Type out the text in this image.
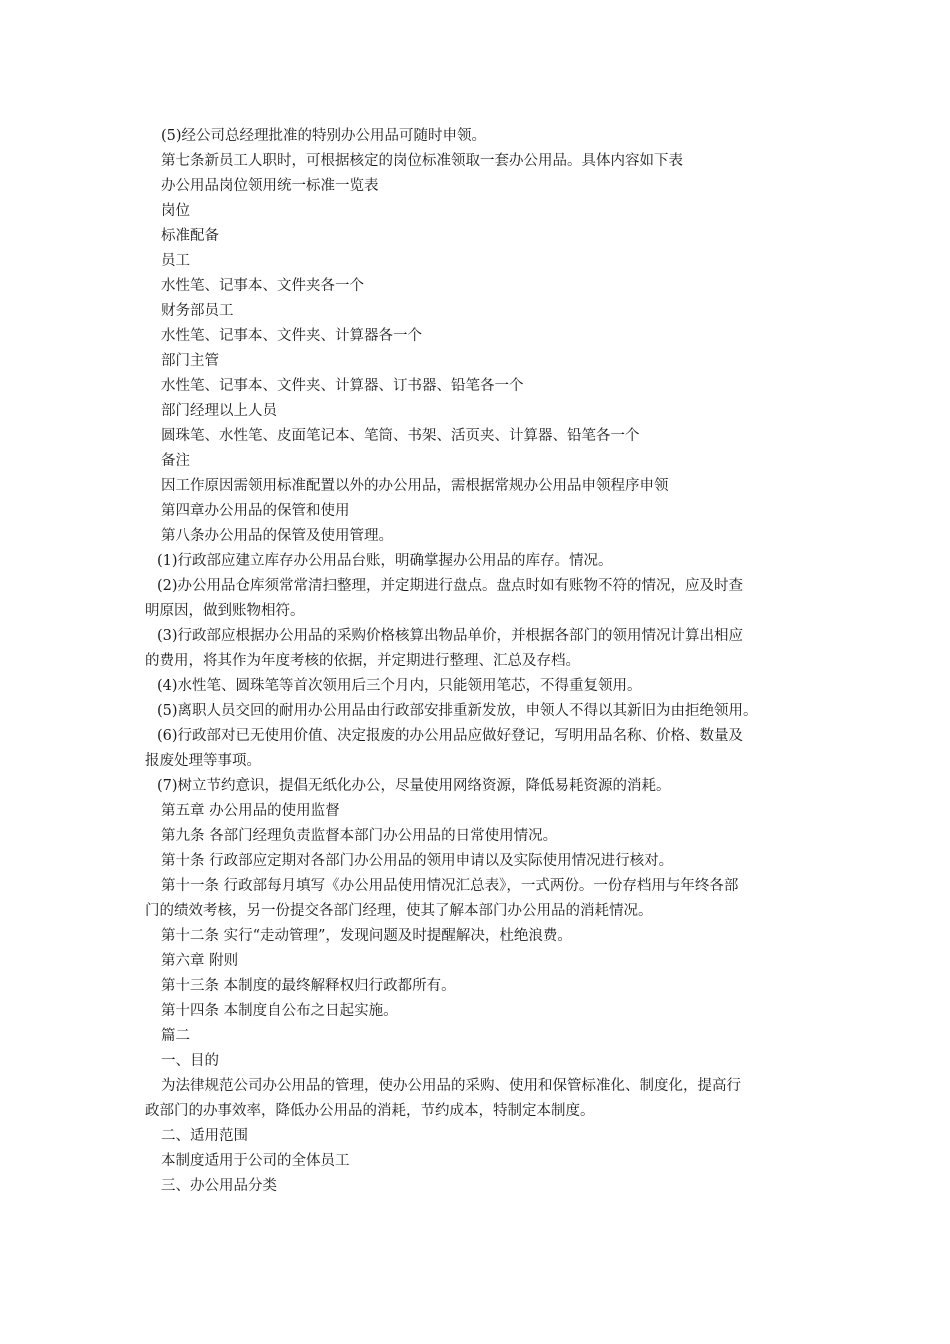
(5)经公司总经理批准的特别办公用品可随时申领。
第七条新员工人职时，可根据核定的岗位标准领取一套办公用品。具体内容如下表
办公用品岗位领用统一标准一览表
岗位
标准配备
员工
水性笔、记事本、文件夹各一个
财务部员工
水性笔、记事本、文件夹、计算器各一个
部门主管
水性笔、记事本、文件夹、计算器、订书器、铅笔各一个
部门经理以上人员
圆珠笔、水性笔、皮面笔记本、笔筒、书架、活页夹、计算器、铅笔各一个
备注
因工作原因需领用标准配置以外的办公用品，需根据常规办公用品申领程序申领
第四章办公用品的保管和使用
第八条办公用品的保管及使用管理。
(1)行政部应建立库存办公用品台账，明确掌握办公用品的库存。情况。
(2)办公用品仓库须常常清扫整理，并定期进行盘点。盘点时如有账物不符的情况，应及时查
明原因，做到账物相符。
(3)行政部应根据办公用品的采购价格核算出物品单价，并根据各部门的领用情况计算出相应
的费用，将其作为年度考核的依据，并定期进行整理、汇总及存档。
(4)水性笔、圆珠笔等首次领用后三个月内，只能领用笔芯，不得重复领用。
(5)离职人员交回的耐用办公用品由行政部安排重新发放，申领人不得以其新旧为由拒绝领用。
(6)行政部对已无使用价值、决定报废的办公用品应做好登记，写明用品名称、价格、数量及
报废处理等事项。
(7)树立节约意识，提倡无纸化办公，尽量使用网络资源，降低易耗资源的消耗。
第五章 办公用品的使用监督
第九条 各部门经理负责监督本部门办公用品的日常使用情况。
第十条 行政部应定期对各部门办公用品的领用申请以及实际使用情况进行核对。
第十一条 行政部每月填写《办公用品使用情况汇总表》，一式两份。一份存档用与年终各部
门的绩效考核，另一份提交各部门经理，使其了解本部门办公用品的消耗情况。
第十二条 实行“走动管理”，发现问题及时提醒解决，杜绝浪费。
第六章 附则
第十三条 本制度的最终解释权归行政都所有。
第十四条 本制度自公布之日起实施。
篇二
一、目的
为法律规范公司办公用品的管理，使办公用品的采购、使用和保管标准化、制度化，提高行
政部门的办事效率，降低办公用品的消耗，节约成本，特制定本制度。
二、适用范围
本制度适用于公司的全体员工
三、办公用品分类
